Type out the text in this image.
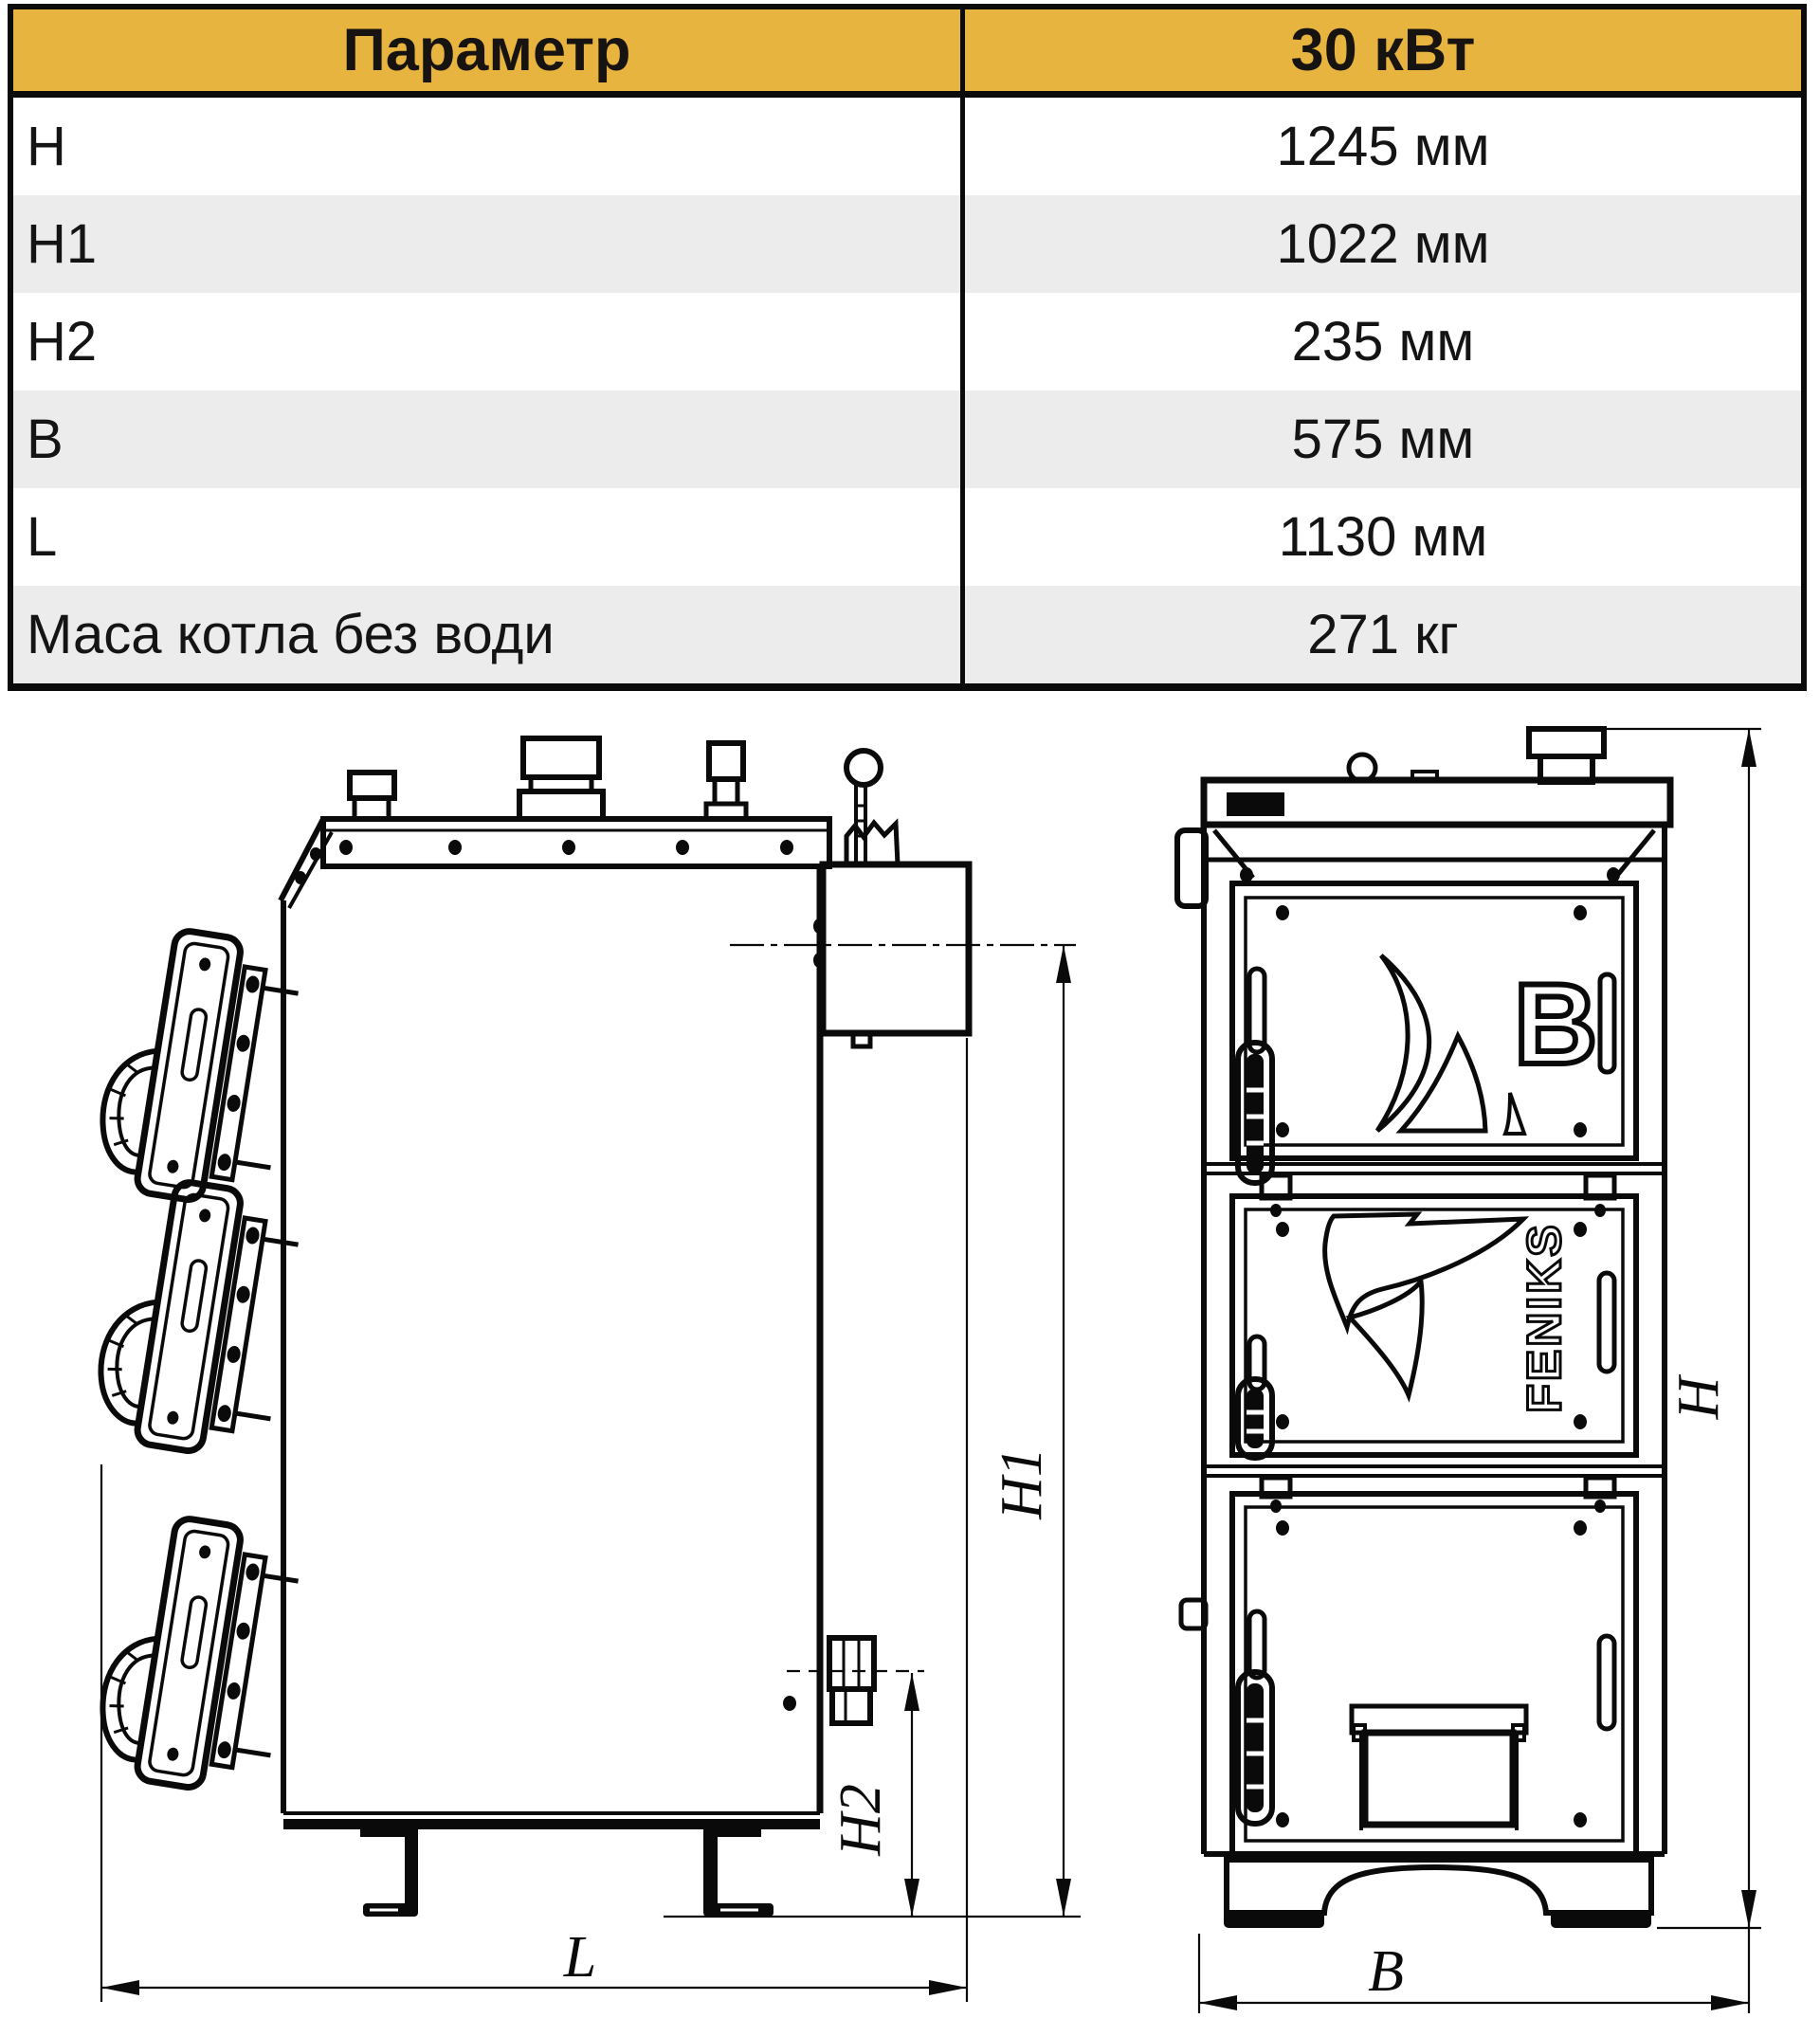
B
FENIKS
H1
H2
L
H
B
Параметр	30 кВт
H	1245 мм
H1	1022 мм
H2	235 мм
B	575 мм
L	1130 мм
Маса котла без води	271 кг
